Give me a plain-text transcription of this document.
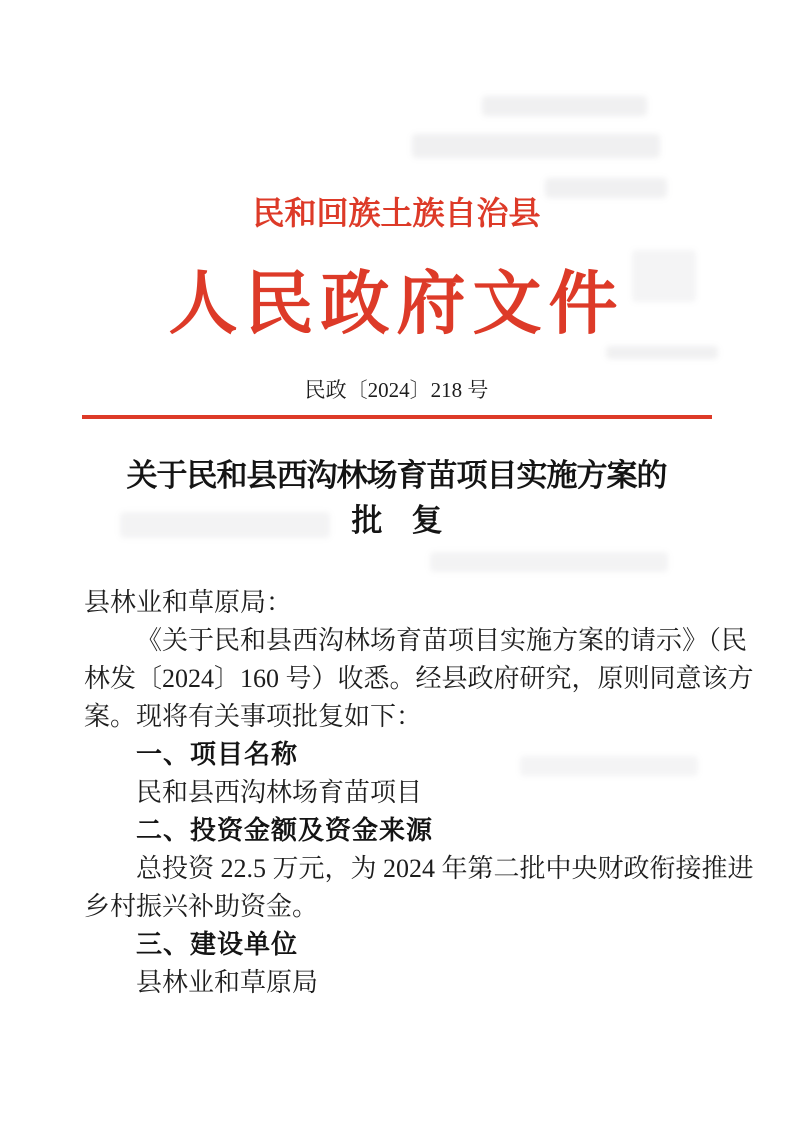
民和回族土族自治县
人民政府文件
民政〔2024〕218 号
关于民和县西沟林场育苗项目实施方案的
批　复

县林业和草原局：

《关于民和县西沟林场育苗项目实施方案的请示》（民

林发〔2024〕160 号）收悉。经县政府研究，原则同意该方

案。现将有关事项批复如下：

一、项目名称

民和县西沟林场育苗项目

二、投资金额及资金来源

总投资 22.5 万元，为 2024 年第二批中央财政衔接推进

乡村振兴补助资金。

三、建设单位

县林业和草原局
